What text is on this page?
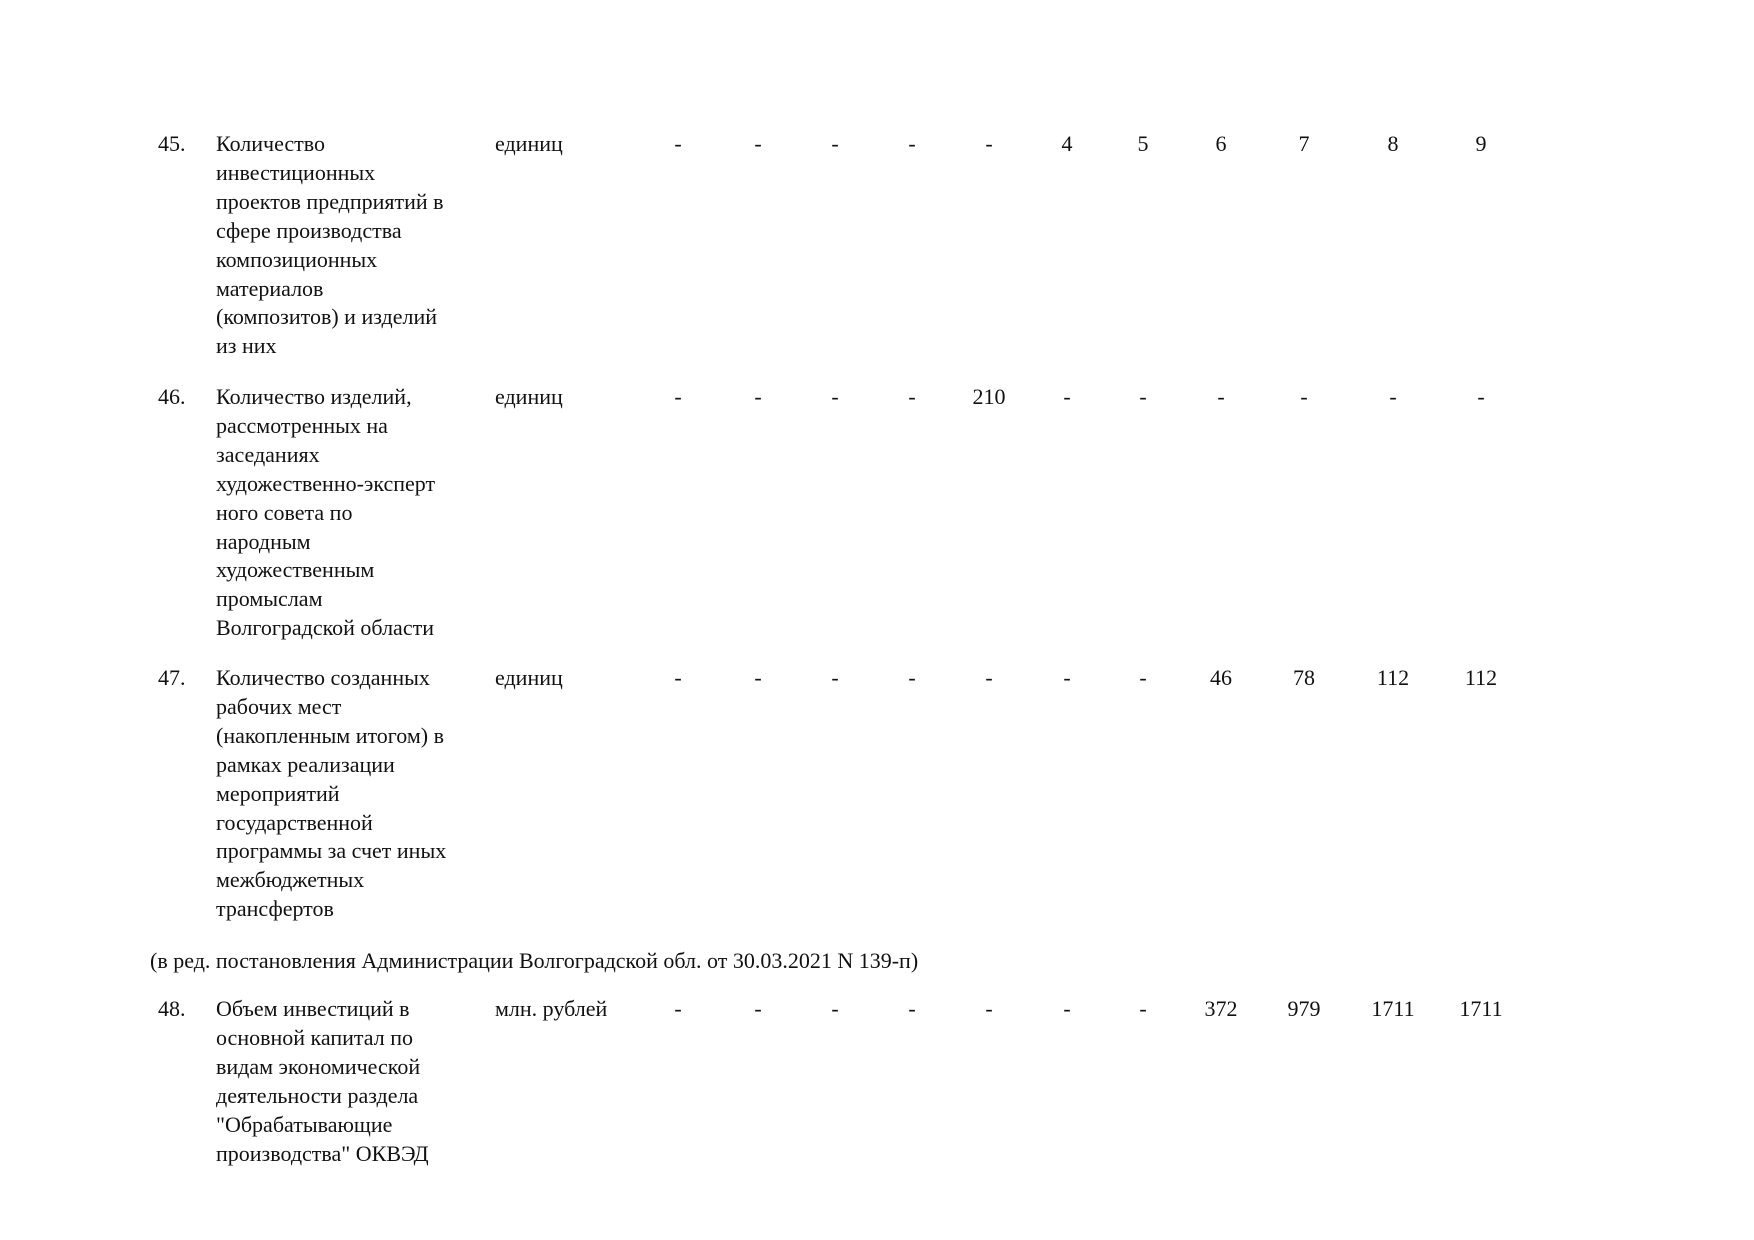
45.	Количество
инвестиционных
проектов предприятий в
сфере производства
композиционных
материалов
(композитов) и изделий
из них
единиц	-	-	-	-	-	4	5	6	7	8	9
46.	Количество изделий,
рассмотренных на
заседаниях
художественно-эксперт
ного совета по
народным
художественным
промыслам
Волгоградской области
единиц	-	-	-	-	210	-	-	-	-	-	-
47.	Количество созданных
рабочих мест
(накопленным итогом) в
рамках реализации
мероприятий
государственной
программы за счет иных
межбюджетных
трансфертов
единиц	-	-	-	-	-	-	-	46	78	112	112
(в ред. постановления Администрации Волгоградской обл. от 30.03.2021 N 139-п)
48.	Объем инвестиций в
основной капитал по
видам экономической
деятельности раздела
"Обрабатывающие
производства" ОКВЭД
млн. рублей	-	-	-	-	-	-	-	372	979	1711	1711
